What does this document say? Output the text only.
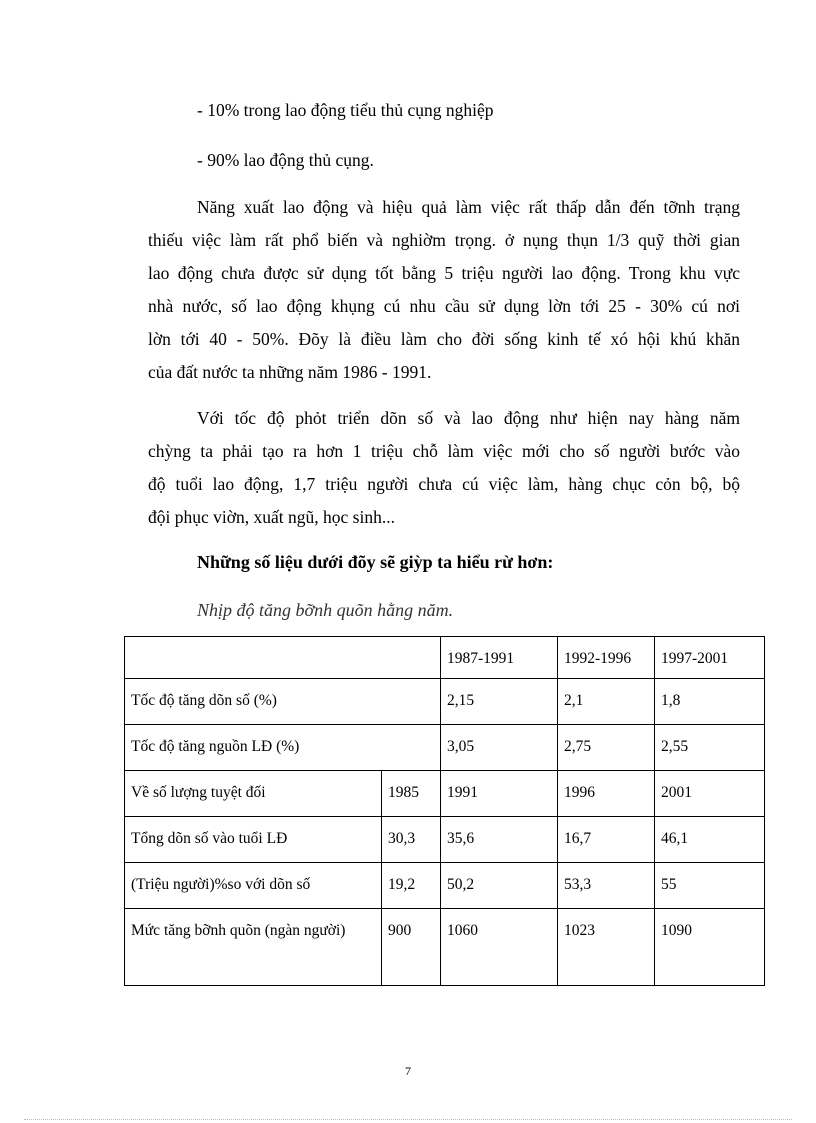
- 10% trong lao động tiểu thủ cụng nghiệp
- 90% lao động thủ cụng.
Năng xuất lao động và hiệu quả làm việc rất thấp dẫn đến tỡnh trạng
thiếu việc làm rất phổ biến và nghiờm trọng. ở nụng thụn 1/3 quỹ thời gian
lao động chưa được sử dụng tốt bằng 5 triệu người lao động. Trong khu vực
nhà nước, số lao động khụng cú nhu cầu sử dụng lờn tới 25 - 30% cú nơi
lờn tới 40 - 50%. Đõy là điều làm cho đời sống kinh tế xó hội khú khăn
của đất nước ta những năm 1986 - 1991.
Với tốc độ phỏt triển dõn số và lao động như hiện nay hàng năm
chỳng ta phải tạo ra hơn 1 triệu chỗ làm việc mới cho số người bước vào
độ tuổi lao động, 1,7 triệu người chưa cú việc làm, hàng chục cỏn bộ, bộ
đội phục viờn, xuất ngũ, học sinh...
Những số liệu dưới đõy sẽ giỳp ta hiểu rừ hơn:
Nhịp độ tăng bỡnh quõn hằng năm.
		1987-1991	1992-1996	1997-2001
Tốc độ tăng dõn số (%)		2,15	2,1	1,8
Tốc độ tăng nguồn LĐ (%)		3,05	2,75	2,55
Về số lượng tuyệt đối	1985	1991	1996	2001
Tổng dõn số vào tuổi LĐ	30,3	35,6	16,7	46,1
(Triệu người)%so với dõn số	19,2	50,2	53,3	55
Mức tăng bỡnh quõn (ngàn người)	900	1060	1023	1090
7
